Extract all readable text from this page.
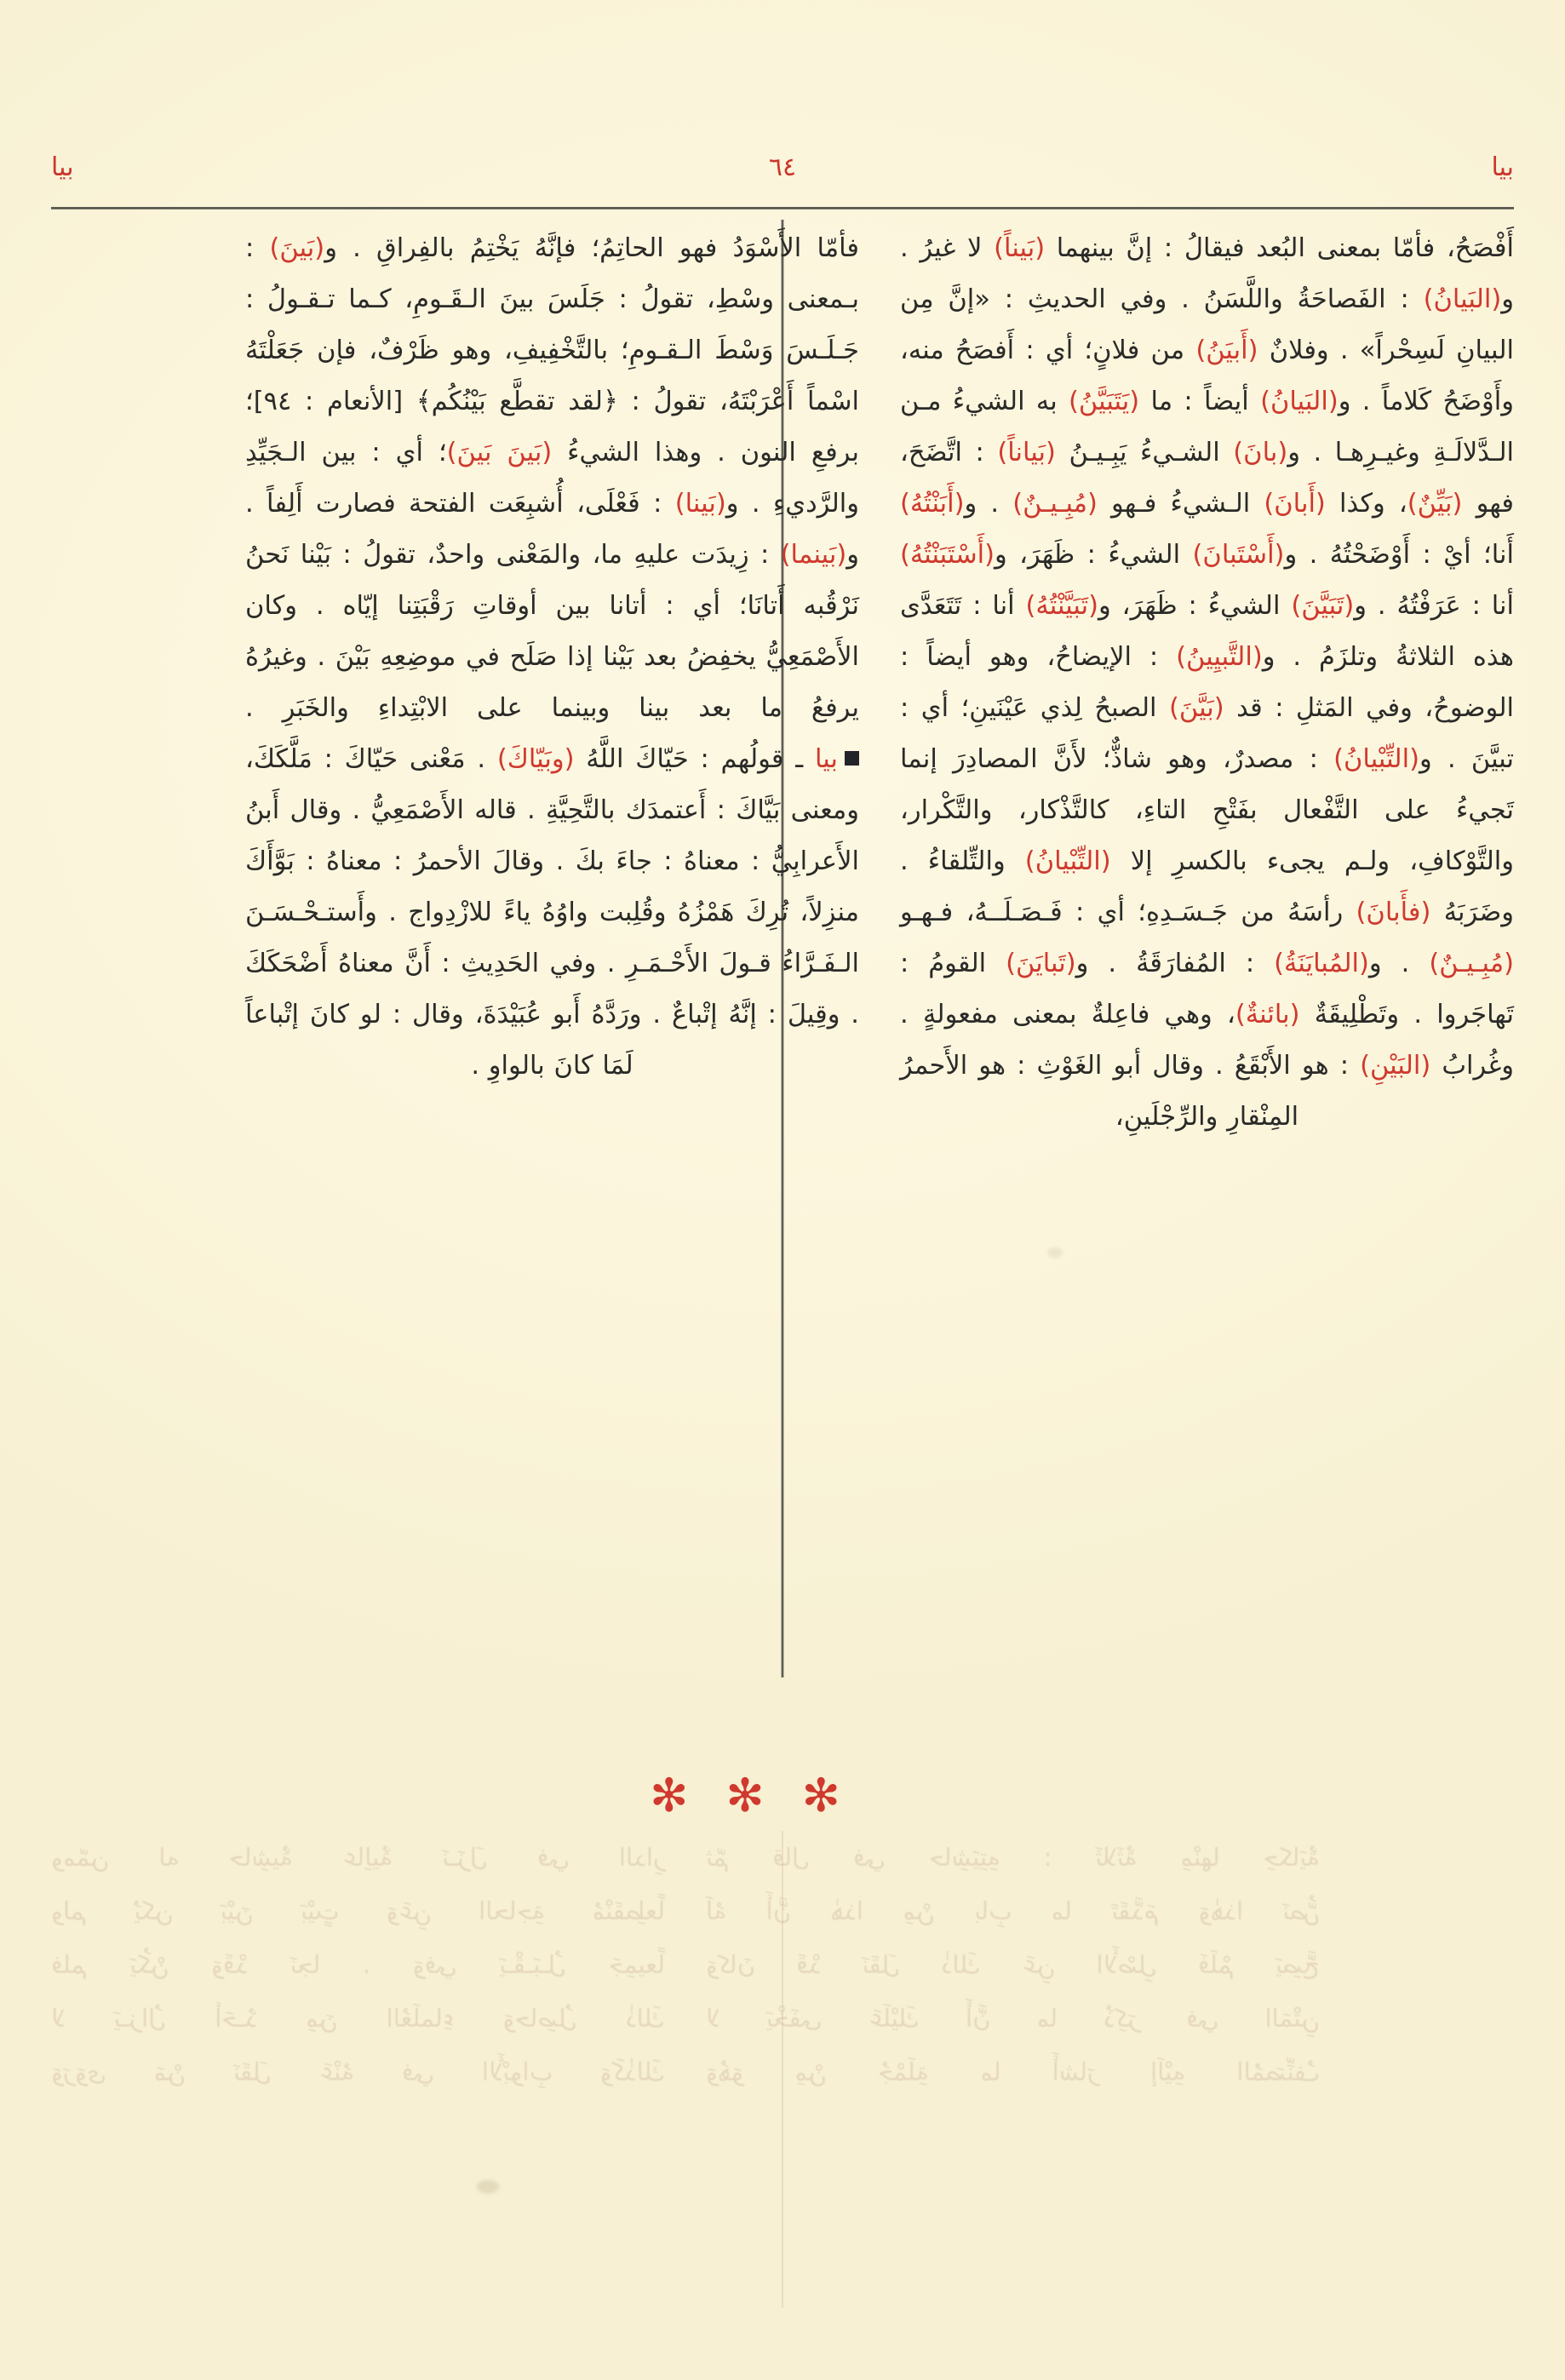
بيا
٦٤
بيا

أَفْصَحُ، فأمّا بمعنى البُعد فيقالُ : إنَّ بينهما (بَيناً) لا غيرُ . و(البَيانُ) : الفَصاحَةُ واللَّسَنُ . وفي الحديثِ : «إنَّ مِن البيانِ لَسِحْراً» . وفلانٌ (أَبيَنُ) من فلانٍ؛ أي : أَفصَحُ منه، وأَوْضَحُ كَلاماً . و(البَيانُ) أيضاً : ما (يَتَبَيَّنُ) به الشيءُ مـن الـدَّلالَـةِ وغيـرِهـا . و(بانَ) الشـيءُ يَبِـيـنُ (بَياناً) : اتَّضَحَ، فهو (بَيِّنٌ)، وكذا (أَبانَ) الـشيءُ فـهو (مُبِـيـنٌ) . و(أَبَنْتُهُ) أَنا؛ أيْ : أَوْضَحْتُهُ . و(أَسْتَبانَ) الشيءُ : ظَهَرَ، و(أَسْتَبَنْتُهُ) أنا : عَرَفْتُهُ . و(تَبَيَّنَ) الشيءُ : ظَهَرَ، و(تَبَيَّنْتُهُ) أنا : تَتَعَدَّى هذه الثلاثةُ وتلزَمُ . و(التَّبيِينُ) : الإيضاحُ، وهو أيضاً : الوضوحُ، وفي المَثلِ : قد (بَيَّنَ) الصبحُ لِذي عَيْنَينِ؛ أي : تبيَّنَ . و(التِّبْيانُ) : مصدرٌ، وهو شاذٌّ؛ لأَنَّ المصادِرَ إنما تَجيءُ على التَّفْعال بفَتْحِ التاءِ، كالتَّذْكار، والتَّكْرار، والتَّوْكافِ، ولـم يجىء بالكسرِ إلا (التِّبْيانُ) والتِّلقاءُ . وضَرَبَهُ (فأَبانَ) رأسَهُ من جَـسَـدِهِ؛ أي : فَـصَـلَــهُ، فـهـو (مُبِـيـنٌ) . و(المُبايَنَةُ) : المُفارَقَةُ . و(تَبايَنَ) القومُ : تَهاجَروا . وتَطْلِيقَةٌ (بائنةٌ)، وهي فاعِلةٌ بمعنى مفعولةٍ . وغُرابُ (البَيْنِ) : هو الأَبْقَعُ . وقال أبو الغَوْثِ : هو الأَحمرُ المِنْقارِ والرِّجْلَينِ،

فأمّا الأَسْوَدُ فهو الحاتِمُ؛ فإنَّهُ يَخْتِمُ بالفِراقِ . و(بَينَ) : بـمعنى وسْطِ، تقولُ : جَلَسَ بينَ الـقَـومِ، كـما تـقـولُ : جَـلَـسَ وَسْطَ الـقـومِ؛ بالتَّخْفِيفِ، وهو ظَرْفٌ، فإن جَعَلْتَهُ اسْماً أَعْرَبْتَهُ، تقولُ : ﴿لقد تقطَّع بَيْنُكُم﴾ [الأنعام : ٩٤]؛ برفعِ النون . وهذا الشيءُ (بَينَ بَينَ)؛ أي : بين الـجَيِّدِ والرَّديءِ . و(بَينا) : فَعْلَى، أُشبِعَت الفتحة فصارت أَلِفاً . و(بَينما) : زِيدَت عليهِ ما، والمَعْنى واحدٌ، تقولُ : بَيْنا نَحنُ نَرْقُبه أَتانَا؛ أي : أتانا بين أوقاتِ رَقْبَتِنا إيّاه . وكان الأَصْمَعِيُّ يخفِضُ بعد بَيْنا إذا صَلَح في موضِعِهِ بَيْنَ . وغيرُهُ يرفعُ ما بعد بينا وبينما على الابْتِداءِ والخَبَرِ .

بيا ـ قولُهم : حَيّاكَ اللَّهُ (وبَيّاكَ) . مَعْنى حَيّاكَ : مَلَّكَكَ، ومعنى بَيَّاكَ : أَعتمدَك بالتَّحِيَّةِ . قاله الأَصْمَعِيُّ . وقال أَبنُ الأَعرابِيُّ : معناهُ : جاءَ بكَ . وقالَ الأحمرُ : معناهُ : بَوَّأَكَ منزِلاً، تُرِكَ هَمْزُهُ وقُلِبت واوُهُ ياءً للازْدِواج . وأَستـحْـسَـنَ الـفَـرَّاءُ قـولَ الأَحْـمَـرِ . وفي الحَدِيثِ : أَنَّ معناهُ أَضْحَكَكَ . وقِيلَ : إنَّهُ إتْباعٌ . ورَدَّهُ أَبو عُبَيْدَةَ، وقال : لو كانَ إتْباعاً لَمَا كانَ بالواوِ .

✻✻✻
وممّن له حاشِيةٌ عالِيةٌ نَـزَلَ في الدارِ
ولم يُكن بَيْنَ بَيْتٍ وَعَنِ الحاجةِ مُنْقَطِعاً
فلم يَكُنْ وَقَدْ نَجا . وَفي يَـقْـبَـلُ جَمِيعاً
لا يَـزالُ أحَـدٌ مِنَ العُلَماءِ وَحاصِلُ ذٰلكَ
وَرَوَى مَنْ نَقَلَ عَنْهُ في الأَبْوابِ وَكَذٰلكَ
ثمّ قال في حاشِيَتِهِ : ثَلاثَةٌ مِنْها حِكايَةٌ
لَهُ أَنَّ هٰذا مِنْ بابِ ما تَقَدَّمَ وَهٰذا نَصُّ
وَكانَ قَدْ نَقَلَ ذٰلكَ عَنِ الأَصْلِ فَلَمْ يَصِحَّ
لا يَخْفَى عَلَيْكَ أَنَّ ما ذُكِرَ في المَتْنِ
وَهُوَ مِنْ جُمْلَةِ ما أَشارَ إلَيْهِ المُصَنِّفُ
